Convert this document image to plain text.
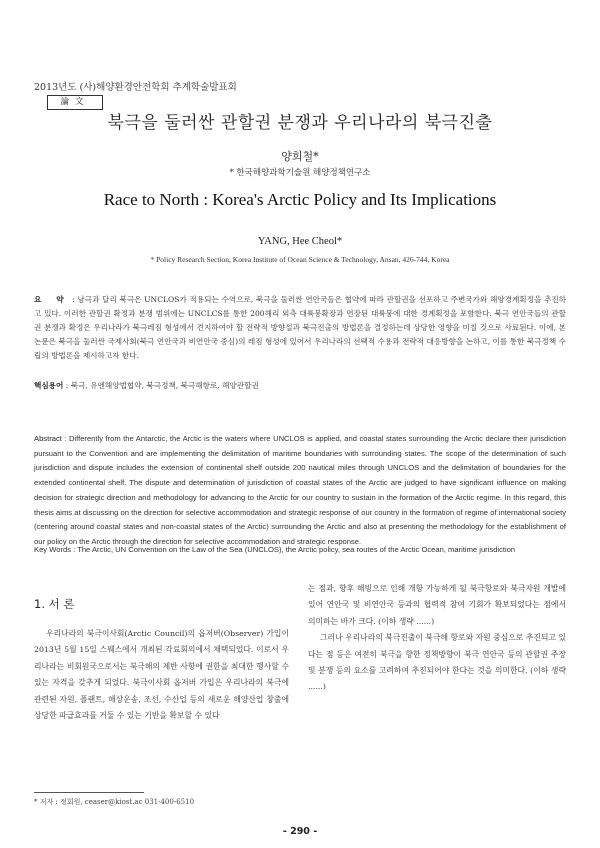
2013년도 (사)해양환경안전학회 추계학술발표회
論文
북극을 둘러싼 관할권 분쟁과 우리나라의 북극진출
양희철*
* 한국해양과학기술원 해양정책연구소
Race to North : Korea's Arctic Policy and Its Implications
YANG, Hee Cheol*
* Policy Research Section, Korea Institute of Ocean Science & Technology, Ansan, 426-744, Korea
요 약 : 남극과 달리 북극은 UNCLOS가 적용되는 수역으로, 북극을 둘러싼 연안국들은 협약에 따라 관할권을 선포하고 주변국가와 해양경계획정을 추진하고 있다. 이러한 관할권 확정과 분쟁 범위에는 UNCLCS를 통한 200해리 외측 대륙붕확장과 연장된 대륙붕에 대한 경계획정을 포함한다. 북극 연안국들의 관할권 분쟁과 확정은 우리나라가 북극레짐 형성에서 견지하여야 할 전략적 방향설과 북극진출의 방법론을 결정하는데 상당한 영향을 미칠 것으로 사료된다. 이에, 본 논문은 북극을 둘러싼 국제사회(북극 연안국과 비연안국 중심)의 레짐 형성에 있어서 우리나라의 선택적 수용과 전략적 대응방향을 논하고, 이를 통한 북극정책 수립의 방법론을 제시하고자 한다.
핵심용어 : 북극, 유엔해양법협약, 북극정책, 북극해항로, 해양관할권
Abstract : Differently from the Antarctic, the Arctic is the waters where UNCLOS is applied, and coastal states surrounding the Arctic declare their jurisdiction pursuant to the Convention and are implementing the delimitation of maritime boundaries with surrounding states. The scope of the determination of such jurisdiction and dispute includes the extension of continental shelf outside 200 nautical miles through UNCLOS and the delimitation of boundaries for the extended continental shelf. The dispute and determination of jurisdiction of coastal states of the Arctic are judged to have significant influence on making decision for strategic direction and methodology for advancing to the Arctic for our country to sustain in the formation of the Arctic regime. In this regard, this thesis aims at discussing on the direction for selective accommodation and strategic response of our country in the formation of regime of international society (centering around coastal states and non-coastal states of the Arctic) surrounding the Arctic and also at presenting the methodology for the establishment of our policy on the Arctic through the direction for selective accommodation and strategic response.
Key Words : The Arctic, UN Convention on the Law of the Sea (UNCLOS), the Arctic policy, sea routes of the Arctic Ocean, maritime jurisdiction
1. 서 론
우리나라의 북극이사회(Arctic Council)의 옵저버(Observer) 가입이 2013년 5월 15일 스웨스에서 개최된 각료회의에서 채택되었다. 이로서 우리나라는 비회원국으로서는 북극해의 제반 사항에 권한을 최대한 행사할 수 있는 자격을 갖추게 되었다. 북극이사회 옵저버 가입은 우리나라의 북극에 관련된 자원, 플랜트, 해상운송, 조선, 수산업 등의 새로운 해양산업 창출에 상당한 파급효과를 거둘 수 있는 기반을 확보할 수 있다

는 점과, 향후 해빙으로 인해 개항 가능하게 될 북극항로와 북극자원 개발에 있어 연안국 및 비연안국 등과의 협력적 참여 기회가 확보되었다는 점에서 의미하는 바가 크다. (이하 생략 ......)

그러나 우리나라의 북극진출이 북극해 항로와 자원 중심으로 추진되고 있다는 점 등은 여전히 북극을 향한 정책방향이 북극 연안국 등의 관할권 주장 및 분쟁 등의 요소를 고려하여 추진되어야 한다는 것을 의미한다. (이하 생략 ......)

* 저자 : 정회원, ceaser@kiost.ac 031-400-6510
- 290 -
